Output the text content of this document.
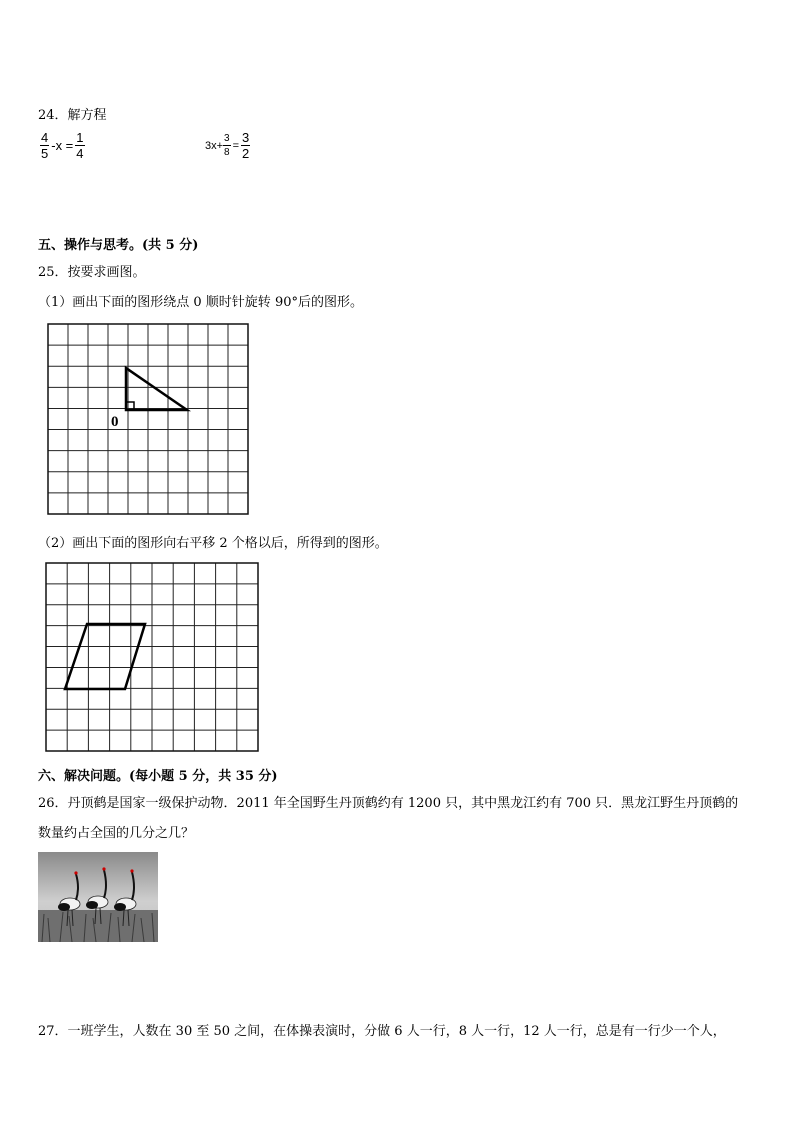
24．解方程
$\frac{4}{5} -x = \frac{1}{4}$	$3x+ \frac{3}{8} = \frac{3}{2}$
五、操作与思考。(共 5 分)
25．按要求画图。
（1）画出下面的图形绕点 0 顺时针旋转 90°后的图形。
0
（2）画出下面的图形向右平移 2 个格以后，所得到的图形。
六、解决问题。(每小题 5 分，共 35 分)
26．丹顶鹤是国家一级保护动物．2011 年全国野生丹顶鹤约有 1200 只，其中黑龙江约有 700 只．黑龙江野生丹顶鹤的
数量约占全国的几分之几？
27．一班学生，人数在 30 至 50 之间，在体操表演时，分做 6 人一行，8 人一行，12 人一行，总是有一行少一个人，
